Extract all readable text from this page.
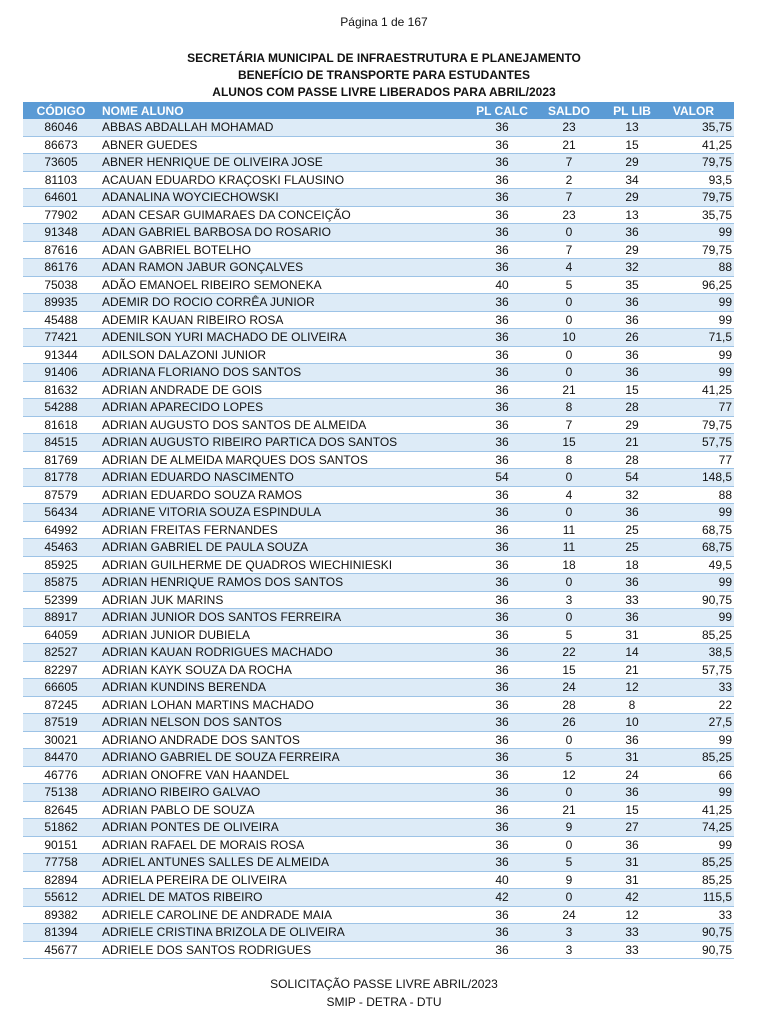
Página 1 de 167
SECRETÁRIA MUNICIPAL DE INFRAESTRUTURA E PLANEJAMENTO
BENEFÍCIO DE TRANSPORTE PARA ESTUDANTES
ALUNOS COM PASSE LIVRE LIBERADOS PARA ABRIL/2023
CÓDIGO	NOME ALUNO	PL CALC	SALDO	PL LIB	VALOR
86046	ABBAS ABDALLAH MOHAMAD	36	23	13	35,75
86673	ABNER GUEDES	36	21	15	41,25
73605	ABNER HENRIQUE DE OLIVEIRA JOSE	36	7	29	79,75
81103	ACAUAN EDUARDO KRAÇOSKI FLAUSINO	36	2	34	93,5
64601	ADANALINA WOYCIECHOWSKI	36	7	29	79,75
77902	ADAN CESAR GUIMARAES DA CONCEIÇÃO	36	23	13	35,75
91348	ADAN GABRIEL BARBOSA DO ROSARIO	36	0	36	99
87616	ADAN GABRIEL BOTELHO	36	7	29	79,75
86176	ADAN RAMON JABUR GONÇALVES	36	4	32	88
75038	ADÃO EMANOEL RIBEIRO SEMONEKA	40	5	35	96,25
89935	ADEMIR DO ROCIO CORRÊA JUNIOR	36	0	36	99
45488	ADEMIR KAUAN RIBEIRO ROSA	36	0	36	99
77421	ADENILSON YURI MACHADO DE OLIVEIRA	36	10	26	71,5
91344	ADILSON DALAZONI JUNIOR	36	0	36	99
91406	ADRIANA FLORIANO DOS SANTOS	36	0	36	99
81632	ADRIAN ANDRADE DE GOIS	36	21	15	41,25
54288	ADRIAN APARECIDO LOPES	36	8	28	77
81618	ADRIAN AUGUSTO DOS SANTOS DE ALMEIDA	36	7	29	79,75
84515	ADRIAN AUGUSTO RIBEIRO PARTICA DOS SANTOS	36	15	21	57,75
81769	ADRIAN DE ALMEIDA MARQUES DOS SANTOS	36	8	28	77
81778	ADRIAN EDUARDO NASCIMENTO	54	0	54	148,5
87579	ADRIAN EDUARDO SOUZA RAMOS	36	4	32	88
56434	ADRIANE VITORIA SOUZA ESPINDULA	36	0	36	99
64992	ADRIAN FREITAS FERNANDES	36	11	25	68,75
45463	ADRIAN GABRIEL DE PAULA SOUZA	36	11	25	68,75
85925	ADRIAN GUILHERME DE QUADROS WIECHINIESKI	36	18	18	49,5
85875	ADRIAN HENRIQUE RAMOS DOS SANTOS	36	0	36	99
52399	ADRIAN JUK MARINS	36	3	33	90,75
88917	ADRIAN JUNIOR DOS SANTOS FERREIRA	36	0	36	99
64059	ADRIAN JUNIOR DUBIELA	36	5	31	85,25
82527	ADRIAN KAUAN RODRIGUES MACHADO	36	22	14	38,5
82297	ADRIAN KAYK SOUZA DA ROCHA	36	15	21	57,75
66605	ADRIAN KUNDINS BERENDA	36	24	12	33
87245	ADRIAN LOHAN MARTINS MACHADO	36	28	8	22
87519	ADRIAN NELSON DOS SANTOS	36	26	10	27,5
30021	ADRIANO ANDRADE DOS SANTOS	36	0	36	99
84470	ADRIANO GABRIEL DE SOUZA FERREIRA	36	5	31	85,25
46776	ADRIAN ONOFRE VAN HAANDEL	36	12	24	66
75138	ADRIANO RIBEIRO GALVAO	36	0	36	99
82645	ADRIAN PABLO DE SOUZA	36	21	15	41,25
51862	ADRIAN PONTES DE OLIVEIRA	36	9	27	74,25
90151	ADRIAN RAFAEL DE MORAIS ROSA	36	0	36	99
77758	ADRIEL ANTUNES SALLES DE ALMEIDA	36	5	31	85,25
82894	ADRIELA PEREIRA DE OLIVEIRA	40	9	31	85,25
55612	ADRIEL DE MATOS RIBEIRO	42	0	42	115,5
89382	ADRIELE CAROLINE DE ANDRADE MAIA	36	24	12	33
81394	ADRIELE CRISTINA BRIZOLA DE OLIVEIRA	36	3	33	90,75
45677	ADRIELE DOS SANTOS RODRIGUES	36	3	33	90,75
SOLICITAÇÃO PASSE LIVRE ABRIL/2023
SMIP - DETRA - DTU
